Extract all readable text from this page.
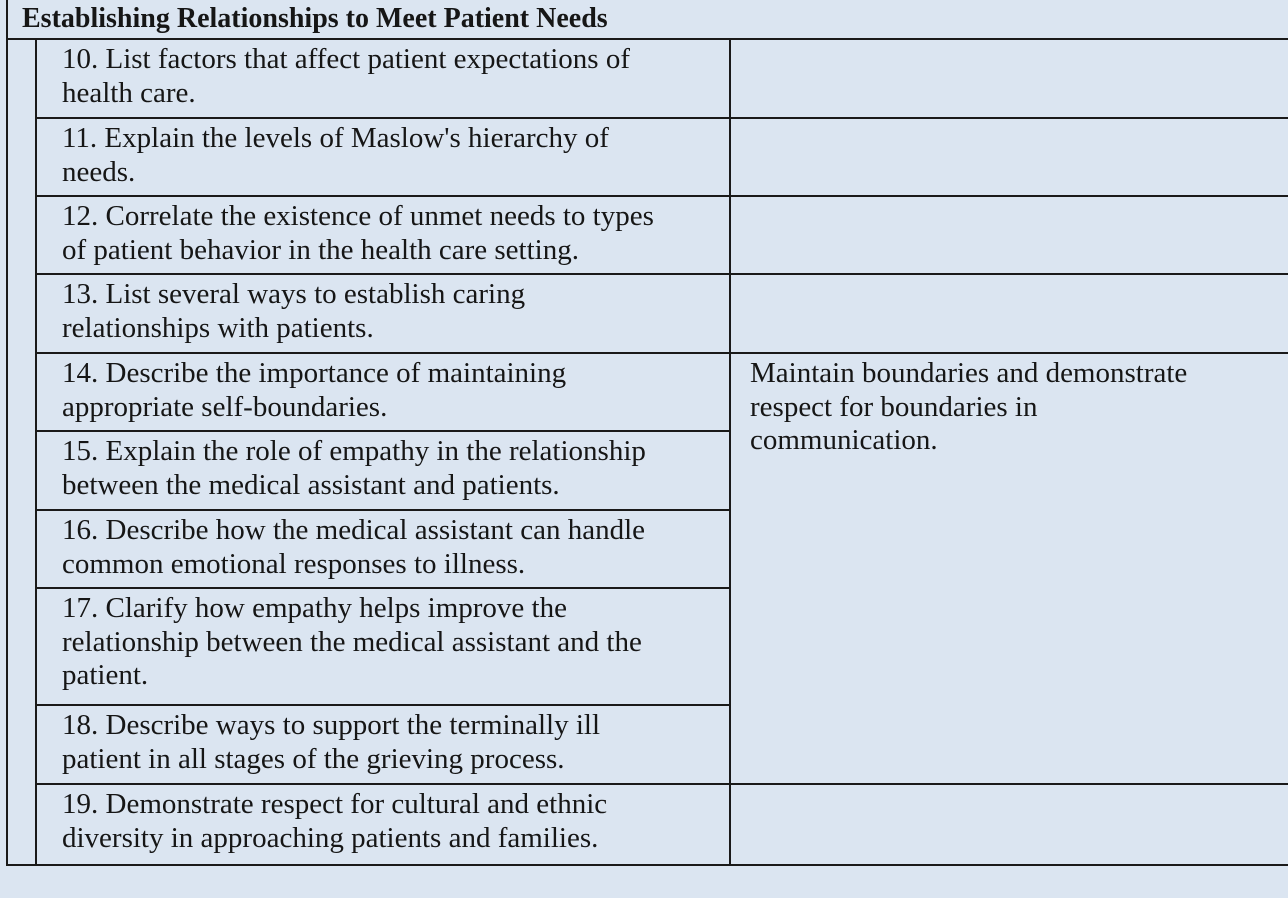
Establishing Relationships to Meet Patient Needs
10. List factors that affect patient expectations of
health care.
11. Explain the levels of Maslow's hierarchy of
needs.
12. Correlate the existence of unmet needs to types
of patient behavior in the health care setting.
13. List several ways to establish caring
relationships with patients.
14. Describe the importance of maintaining
appropriate self-boundaries.
15. Explain the role of empathy in the relationship
between the medical assistant and patients.
16. Describe how the medical assistant can handle
common emotional responses to illness.
17. Clarify how empathy helps improve the
relationship between the medical assistant and the
patient.
18. Describe ways to support the terminally ill
patient in all stages of the grieving process.
19. Demonstrate respect for cultural and ethnic
diversity in approaching patients and families.
Maintain boundaries and demonstrate
respect for boundaries in
communication.
